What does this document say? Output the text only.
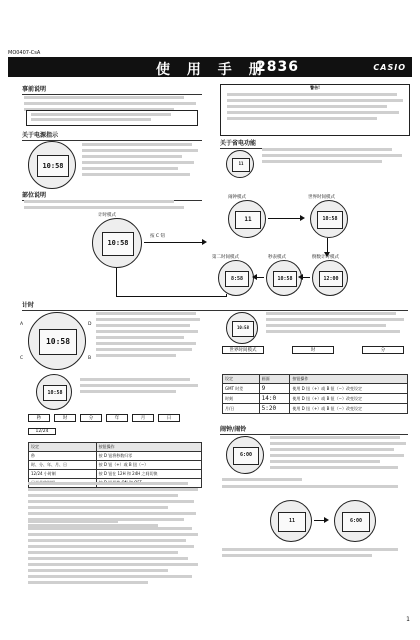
MO0407-CsA
使 用 手 册
2836	CASIO
事前说明
关于电源指示
10:58
警告!
关于省电功能
11
部位说明
10:58
计时模式
按 C 钮
11
闹钟模式
10:58
世界时间模式
8:58
第二时间模式
10:58
秒表模式
12:00
倒数计时模式
计时
10:58
A	D
C	B
10:58
秒	时	分	年	月	日
12/24
设定	按钮操作
秒	按 D 钮将秒数归零
时、分、年、月、日	按 D 钮（+）或 B 钮（−）
12/24 小时制	按 D 钮在 12H 和 24H 之间切换

10:58
世界时间模式	时	分
设定	画面	按钮操作
GMT 时差	9	使用 D 钮（+）或 B 钮（−）改变设定
时刻	14:0	使用 D 钮（+）或 B 钮（−）改变设定
月/日	5:20	使用 D 钮（+）或 B 钮（−）改变设定
闹钟/闹铃
6:00
11	6:00
1
